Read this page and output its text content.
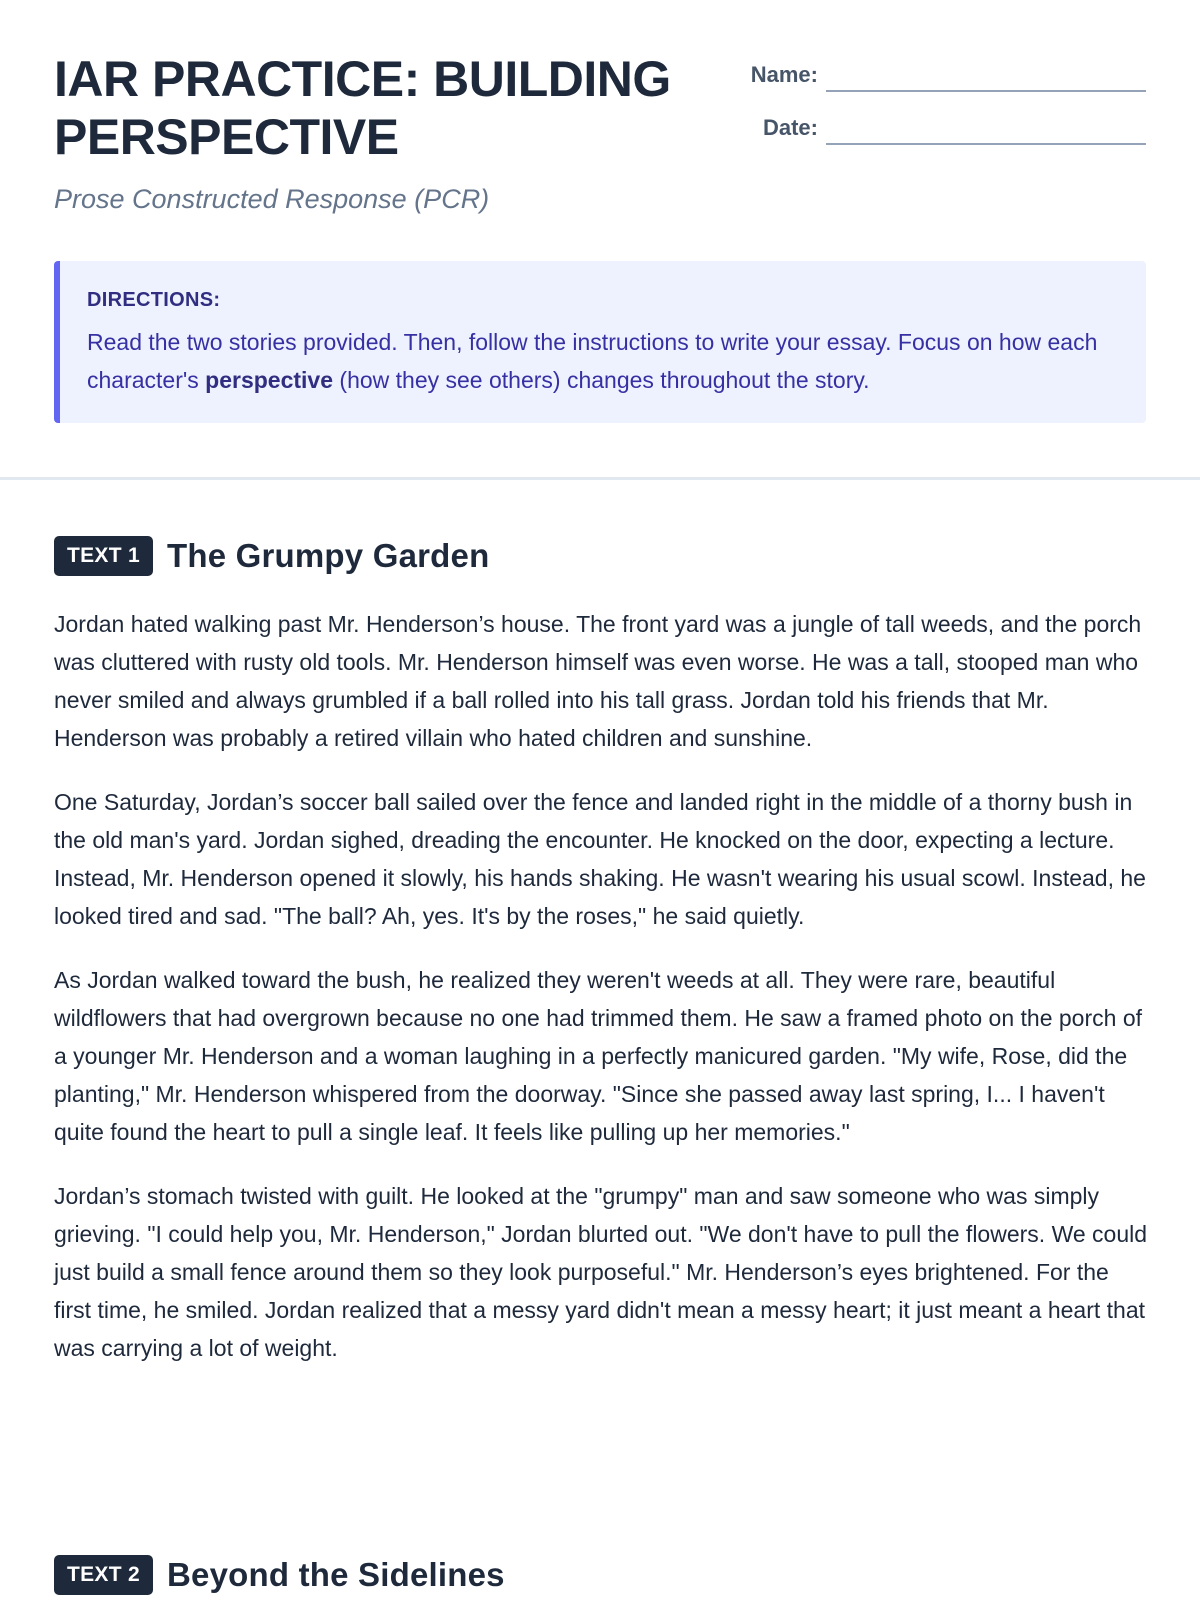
IAR PRACTICE: BUILDING PERSPECTIVE
Prose Constructed Response (PCR)
Name:
Date:
DIRECTIONS:
Read the two stories provided. Then, follow the instructions to write your essay. Focus on how each character's perspective (how they see others) changes throughout the story.
TEXT 1 The Grumpy Garden

Jordan hated walking past Mr. Henderson’s house. The front yard was a jungle of tall weeds, and the porch was cluttered with rusty old tools. Mr. Henderson himself was even worse. He was a tall, stooped man who never smiled and always grumbled if a ball rolled into his tall grass. Jordan told his friends that Mr. Henderson was probably a retired villain who hated children and sunshine.

One Saturday, Jordan’s soccer ball sailed over the fence and landed right in the middle of a thorny bush in the old man's yard. Jordan sighed, dreading the encounter. He knocked on the door, expecting a lecture. Instead, Mr. Henderson opened it slowly, his hands shaking. He wasn't wearing his usual scowl. Instead, he looked tired and sad. "The ball? Ah, yes. It's by the roses," he said quietly.

As Jordan walked toward the bush, he realized they weren't weeds at all. They were rare, beautiful wildflowers that had overgrown because no one had trimmed them. He saw a framed photo on the porch of a younger Mr. Henderson and a woman laughing in a perfectly manicured garden. "My wife, Rose, did the planting," Mr. Henderson whispered from the doorway. "Since she passed away last spring, I... I haven't quite found the heart to pull a single leaf. It feels like pulling up her memories."

Jordan’s stomach twisted with guilt. He looked at the "grumpy" man and saw someone who was simply grieving. "I could help you, Mr. Henderson," Jordan blurted out. "We don't have to pull the flowers. We could just build a small fence around them so they look purposeful." Mr. Henderson’s eyes brightened. For the first time, he smiled. Jordan realized that a messy yard didn't mean a messy heart; it just meant a heart that was carrying a lot of weight.

TEXT 2 Beyond the Sidelines
